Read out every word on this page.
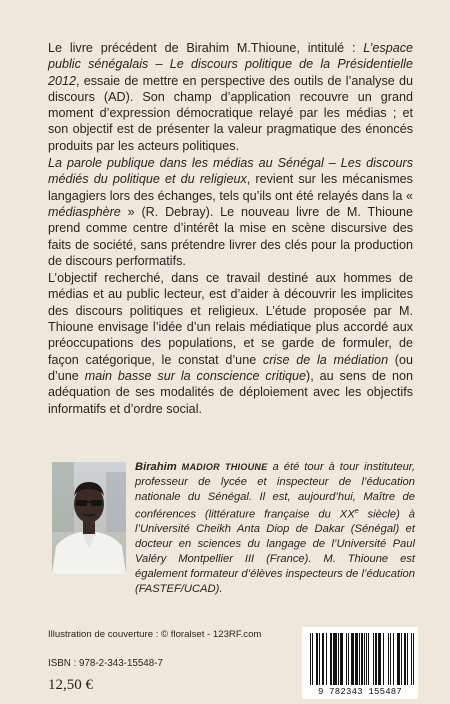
Le livre précédent de Birahim M.Thioune, intitulé : L’espace public sénégalais – Le discours politique de la Présidentielle 2012, essaie de mettre en perspective des outils de l’analyse du discours (AD). Son champ d’application recouvre un grand moment d’expression démocratique relayé par les médias ; et son objectif est de présenter la valeur pragmatique des énoncés produits par les acteurs politiques.

La parole publique dans les médias au Sénégal – Les discours médiés du politique et du religieux, revient sur les mécanismes langagiers lors des échanges, tels qu’ils ont été relayés dans la « médiasphère » (R. Debray). Le nouveau livre de M. Thioune prend comme centre d’intérêt la mise en scène discursive des faits de société, sans prétendre livrer des clés pour la production de discours performatifs.

L’objectif recherché, dans ce travail destiné aux hommes de médias et au public lecteur, est d’aider à découvrir les implicites des discours politiques et religieux. L’étude proposée par M. Thioune envisage l’idée d’un relais médiatique plus accordé aux préoccupations des populations, et se garde de formuler, de façon catégorique, le constat d’une crise de la médiation (ou d’une main basse sur la conscience critique), au sens de non adéquation de ses modalités de déploiement avec les objectifs informatifs et d’ordre social.

Birahim MADIOR THIOUNE a été tour à tour instituteur, professeur de lycée et inspecteur de l’éducation nationale du Sénégal. Il est, aujourd’hui, Maître de conférences (littérature française du XXe siècle) à l’Université Cheikh Anta Diop de Dakar (Sénégal) et docteur en sciences du langage de l’Université Paul Valéry Montpellier III (France). M. Thioune est également formateur d’élèves inspecteurs de l’éducation (FASTEF/UCAD).
Illustration de couverture : © floralset - 123RF.com
ISBN : 978-2-343-15548-7
12,50 €	9 782343 155487
